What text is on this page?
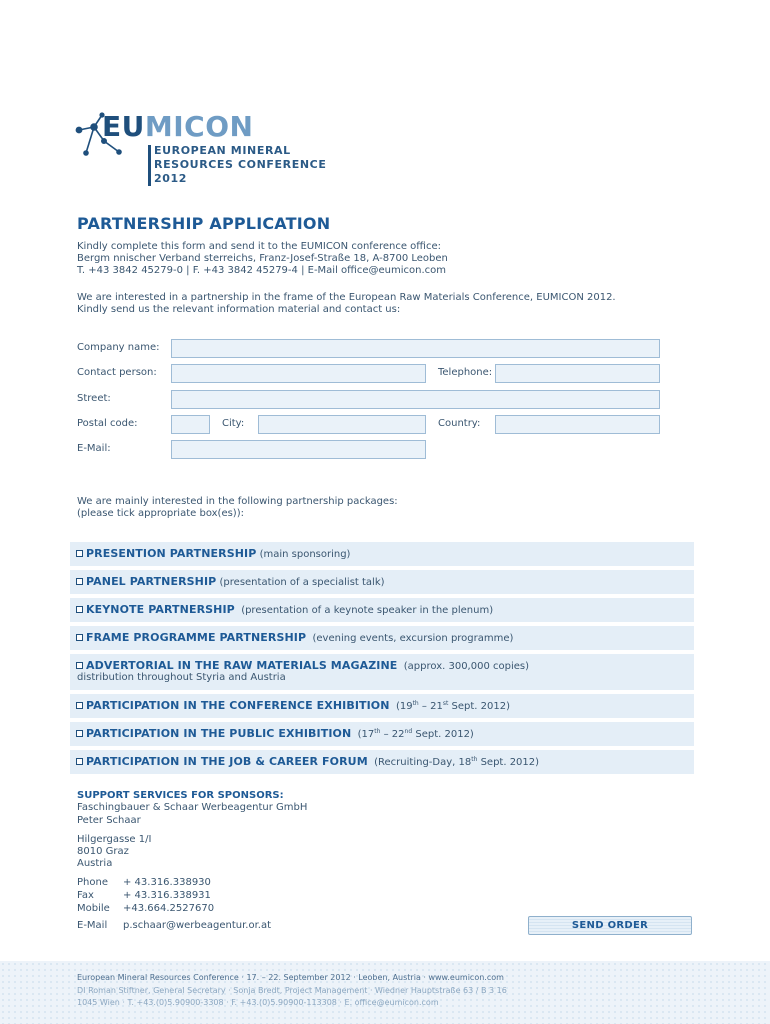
EUMICON
EUROPEAN MINERAL
RESOURCES CONFERENCE
2012
PARTNERSHIP APPLICATION
Kindly complete this form and send it to the EUMICON conference office:
Bergm nnischer Verband sterreichs, Franz-Josef-Straße 18, A-8700 Leoben
T. +43 3842 45279-0 | F. +43 3842 45279-4 | E-Mail office@eumicon.com
We are interested in a partnership in the frame of the European Raw Materials Conference, EUMICON 2012.
Kindly send us the relevant information material and contact us:
Company name:
Contact person:	Telephone:
Street:
Postal code:	City:	Country:
E-Mail:
We are mainly interested in the following partnership packages:
(please tick appropriate box(es)):
PRESENTION PARTNERSHIP (main sponsoring)
PANEL PARTNERSHIP (presentation of a specialist talk)
KEYNOTE PARTNERSHIP (presentation of a keynote speaker in the plenum)
FRAME PROGRAMME PARTNERSHIP (evening events, excursion programme)
ADVERTORIAL IN THE RAW MATERIALS MAGAZINE (approx. 300,000 copies)
distribution throughout Styria and Austria
PARTICIPATION IN THE CONFERENCE EXHIBITION (19th – 21st Sept. 2012)
PARTICIPATION IN THE PUBLIC EXHIBITION (17th – 22nd Sept. 2012)
PARTICIPATION IN THE JOB & CAREER FORUM (Recruiting-Day, 18th Sept. 2012)
SUPPORT SERVICES FOR SPONSORS:
Faschingbauer & Schaar Werbeagentur GmbH
Peter Schaar
Hilgergasse 1/I
8010 Graz
Austria
Phone + 43.316.338930
Fax	+ 43.316.338931
Mobile +43.664.2527670
E-Mail p.schaar@werbeagentur.or.at	SEND ORDER
European Mineral Resources Conference · 17. – 22. September 2012 · Leoben, Austria · www.eumicon.com
DI Roman Stiftner, General Secretary · Sonja Bredt, Project Management · Wiedner Hauptstraße 63 / B 3 16
1045 Wien · T. +43.(0)5.90900-3308 · F. +43.(0)5.90900-113308 · E. office@eumicon.com
